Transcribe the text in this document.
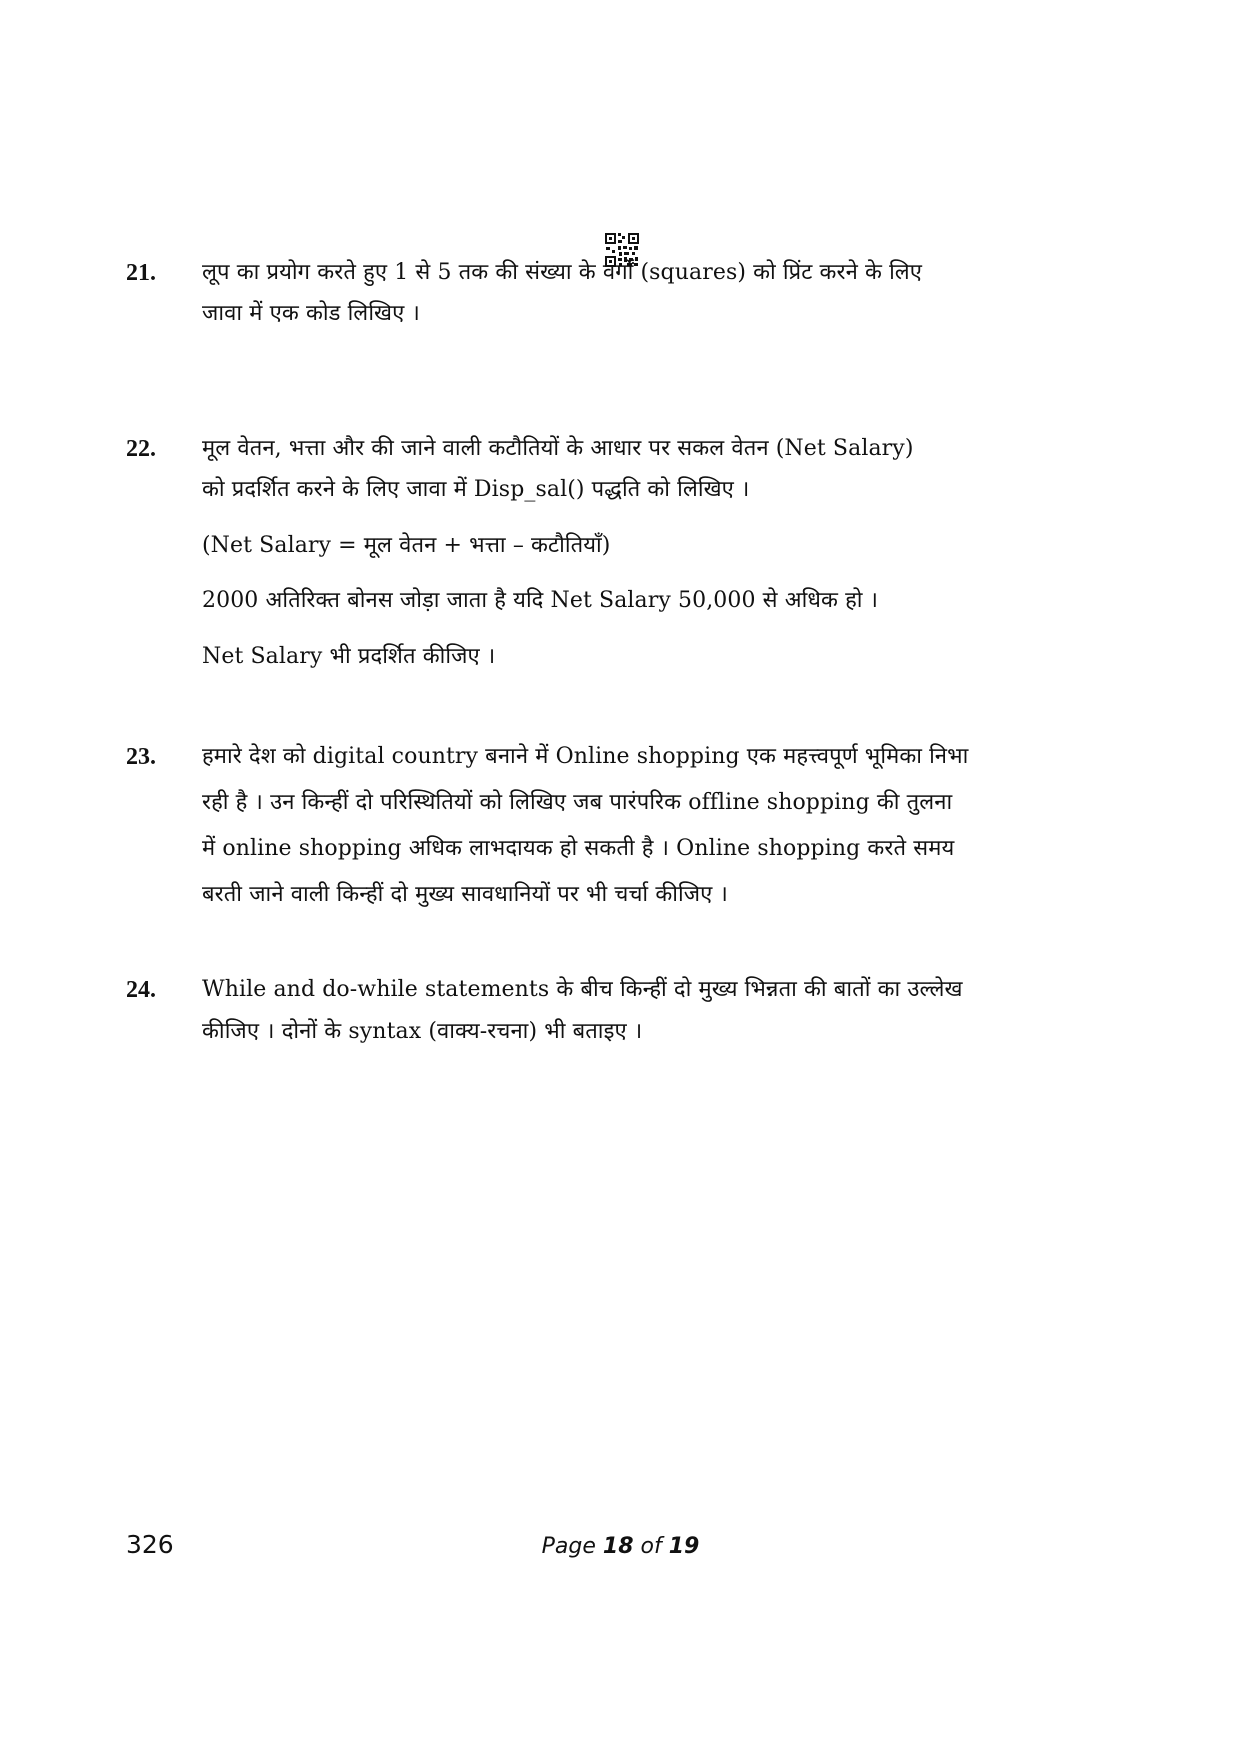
21. लूप का प्रयोग करते हुए 1 से 5 तक की संख्या के वर्गों (squares) को प्रिंट करने के लिए
जावा में एक कोड लिखिए ।
22. मूल वेतन, भत्ता और की जाने वाली कटौतियों के आधार पर सकल वेतन (Net Salary)
को प्रदर्शित करने के लिए जावा में Disp_sal() पद्धति को लिखिए ।
(Net Salary = मूल वेतन + भत्ता – कटौतियाँ)
2000 अतिरिक्त बोनस जोड़ा जाता है यदि Net Salary 50,000 से अधिक हो ।
Net Salary भी प्रदर्शित कीजिए ।
23. हमारे देश को digital country बनाने में Online shopping एक महत्त्वपूर्ण भूमिका निभा
रही है । उन किन्हीं दो परिस्थितियों को लिखिए जब पारंपरिक offline shopping की तुलना
में online shopping अधिक लाभदायक हो सकती है । Online shopping करते समय
बरती जाने वाली किन्हीं दो मुख्य सावधानियों पर भी चर्चा कीजिए ।
24. While and do-while statements के बीच किन्हीं दो मुख्य भिन्नता की बातों का उल्लेख
कीजिए । दोनों के syntax (वाक्य-रचना) भी बताइए ।
326	Page 18 of 19
